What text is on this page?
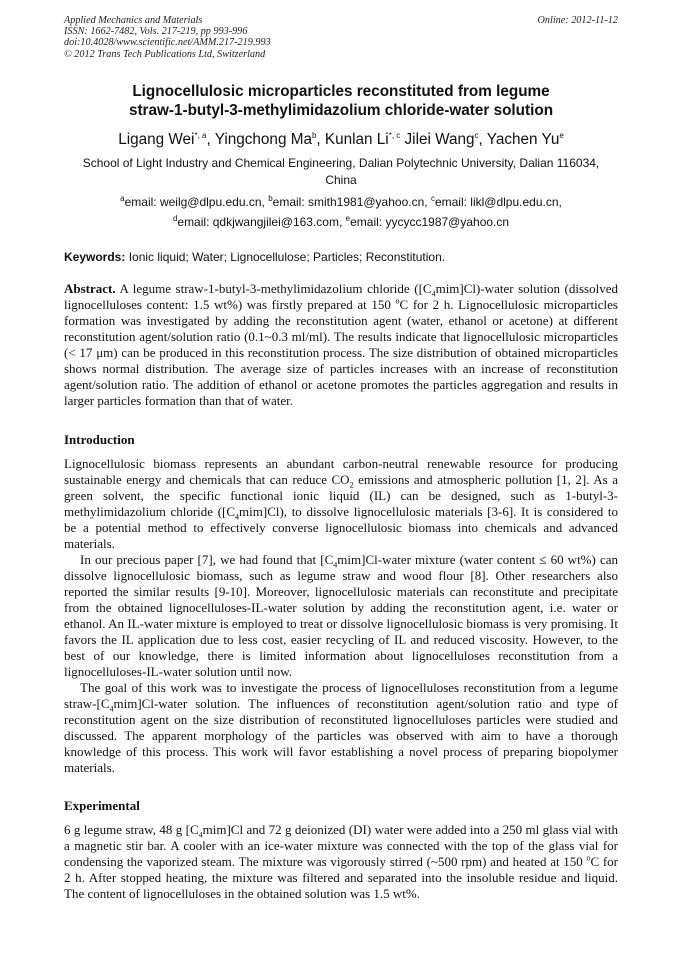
Applied Mechanics and Materials
ISSN: 1662-7482, Vols. 217-219, pp 993-996
doi:10.4028/www.scientific.net/AMM.217-219.993
© 2012 Trans Tech Publications Ltd, Switzerland
Online: 2012-11-12
Lignocellulosic microparticles reconstituted from legume
straw-1-butyl-3-methylimidazolium chloride-water solution
Ligang Wei$^{*, a}$, Yingchong Ma$^b$, Kunlan $Li^{*, c}$ Jilei Wang$^c$, Yachen Yu$^e$
School of Light Industry and Chemical Engineering, Dalian Polytechnic University, Dalian 116034,
China
$^a$email: weilg@dlpu.edu.cn, $^b$email: smith1981@yahoo.cn, $^c$email: likl@dlpu.edu.cn,
$^d$email: qdkjwangjilei@163.com, $^e$email: yycycc1987@yahoo.cn
Keywords: Ionic liquid; Water; Lignocellulose; Particles; Reconstitution.
Abstract. A legume straw-1-butyl-3-methylimidazolium chloride $([C_4mim]Cl)$-water solution (dissolved lignocelluloses content: 1.5 wt%) was firstly prepared at 150 $^o$C for 2 h. Lignocellulosic microparticles formation was investigated by adding the reconstitution agent (water, ethanol or acetone) at different reconstitution agent/solution ratio (0.1~0.3 ml/ml). The results indicate that lignocellulosic microparticles (< 17 μm) can be produced in this reconstitution process. The size distribution of obtained microparticles shows normal distribution. The average size of particles increases with an increase of reconstitution agent/solution ratio. The addition of ethanol or acetone promotes the particles aggregation and results in larger particles formation than that of water.
Introduction
Lignocellulosic biomass represents an abundant carbon-neutral renewable resource for producing sustainable energy and chemicals that can reduce $CO_2$ emissions and atmospheric pollution [1, 2]. As a green solvent, the specific functional ionic liquid (IL) can be designed, such as 1-butyl-3-methylimidazolium chloride $([C_4mim]Cl)$, to dissolve lignocellulosic materials [3-6]. It is considered to be a potential method to effectively converse lignocellulosic biomass into chemicals and advanced materials.
In our precious paper [7], we had found that $[C_4mim]Cl$-water mixture (water content ≤ 60 wt%) can dissolve lignocellulosic biomass, such as legume straw and wood flour [8]. Other researchers also reported the similar results [9-10]. Moreover, lignocellulosic materials can reconstitute and precipitate from the obtained lignocelluloses-IL-water solution by adding the reconstitution agent, i.e. water or ethanol. An IL-water mixture is employed to treat or dissolve lignocellulosic biomass is very promising. It favors the IL application due to less cost, easier recycling of IL and reduced viscosity. However, to the best of our knowledge, there is limited information about lignocelluloses reconstitution from a lignocelluloses-IL-water solution until now.
The goal of this work was to investigate the process of lignocelluloses reconstitution from a legume straw-$[C_4mim]Cl$-water solution. The influences of reconstitution agent/solution ratio and type of reconstitution agent on the size distribution of reconstituted lignocelluloses particles were studied and discussed. The apparent morphology of the particles was observed with aim to have a thorough knowledge of this process. This work will favor establishing a novel process of preparing biopolymer materials.
Experimental
6 g legume straw, 48 g $[C_4mim]Cl$ and 72 g deionized (DI) water were added into a 250 ml glass vial with a magnetic stir bar. A cooler with an ice-water mixture was connected with the top of the glass vial for condensing the vaporized steam. The mixture was vigorously stirred (~500 rpm) and heated at 150 $^o$C for 2 h. After stopped heating, the mixture was filtered and separated into the insoluble residue and liquid. The content of lignocelluloses in the obtained solution was 1.5 wt%.
